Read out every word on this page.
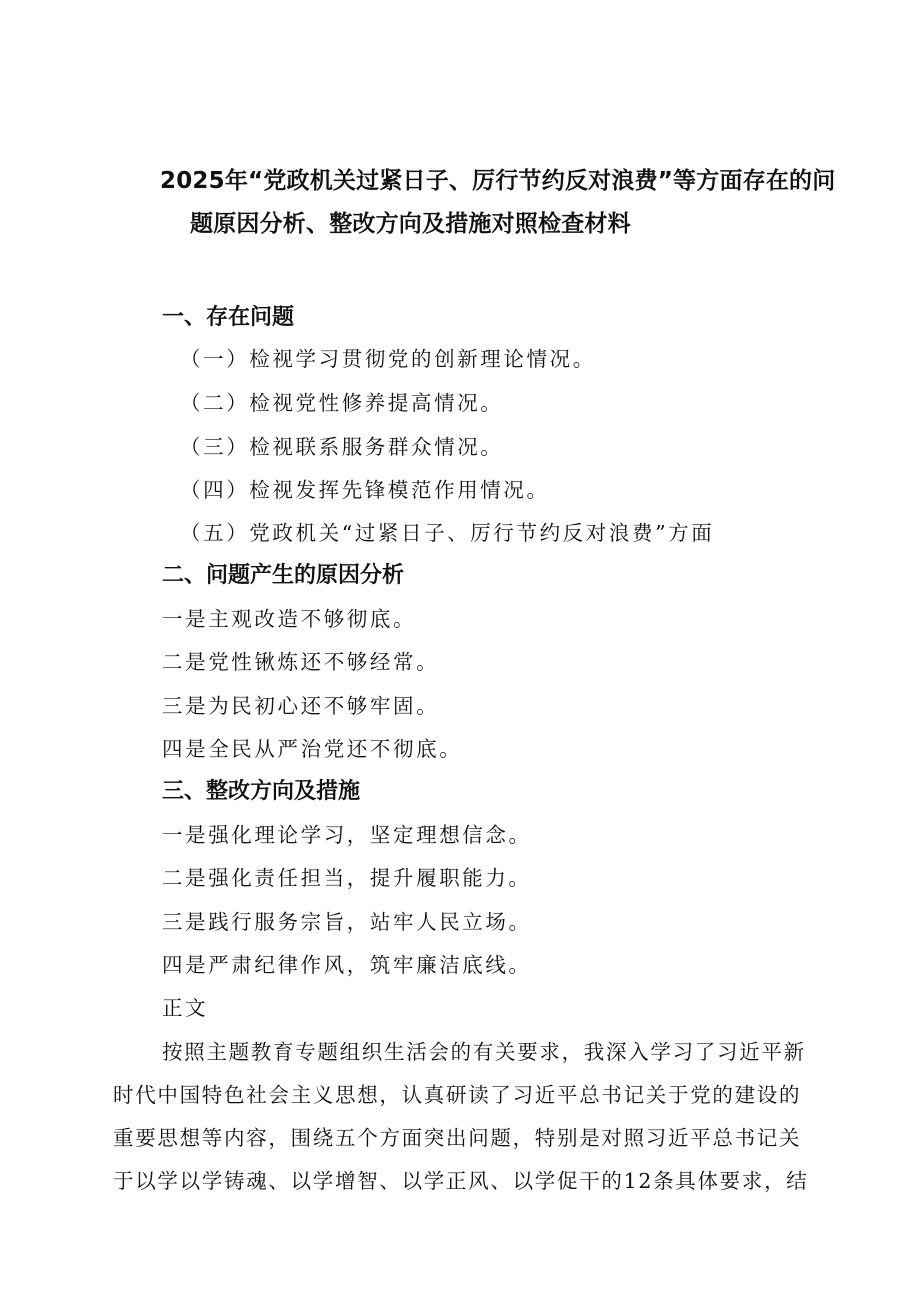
2025年“党政机关过紧日子、厉行节约反对浪费”等方面存在的问
题原因分析、整改方向及措施对照检查材料
一、存在问题
（一）检视学习贯彻党的创新理论情况。
（二）检视党性修养提高情况。
（三）检视联系服务群众情况。
（四）检视发挥先锋模范作用情况。
（五）党政机关“过紧日子、厉行节约反对浪费”方面
二、问题产生的原因分析
一是主观改造不够彻底。
二是党性锹炼还不够经常。
三是为民初心还不够牢固。
四是全民从严治党还不彻底。
三、整改方向及措施
一是强化理论学习，坚定理想信念。
二是强化责任担当，提升履职能力。
三是践行服务宗旨，站牢人民立场。
四是严肃纪律作风，筑牢廉洁底线。
正文
按照主题教育专题组织生活会的有关要求，我深入学习了习近平新
时代中国特色社会主义思想，认真研读了习近平总书记关于党的建设的
重要思想等内容，围绕五个方面突出问题，特别是对照习近平总书记关
于以学以学铸魂、以学增智、以学正风、以学促干的12条具体要求，结
